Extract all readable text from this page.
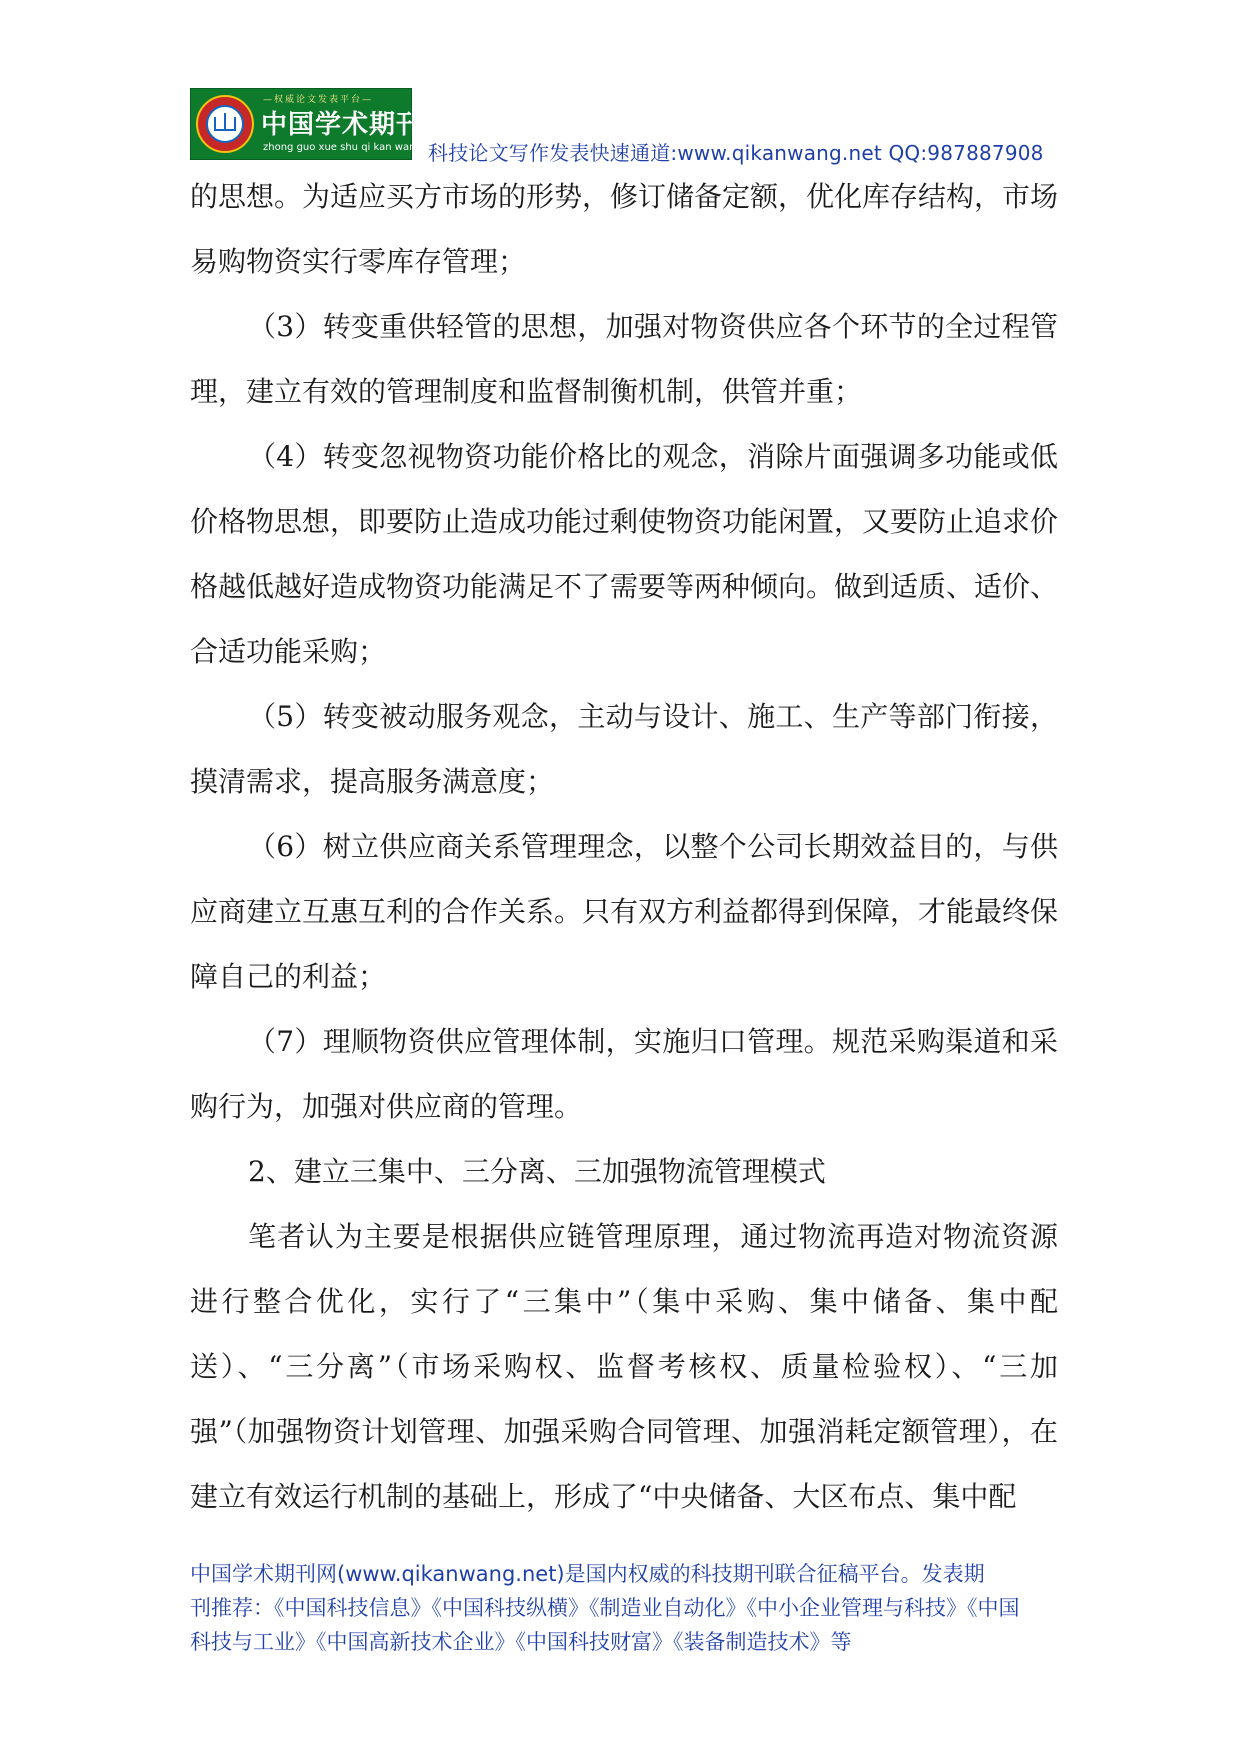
—权威论文发表平台—
中国学术期刊网
zhong guo xue shu qi kan wang 科技论文写作发表快速通道:www.qikanwang.net QQ:987887908

的思想。为适应买方市场的形势，修订储备定额，优化库存结构，市场易购物资实行零库存管理；

（3）转变重供轻管的思想，加强对物资供应各个环节的全过程管理，建立有效的管理制度和监督制衡机制，供管并重；

（4）转变忽视物资功能价格比的观念，消除片面强调多功能或低价格物思想，即要防止造成功能过剩使物资功能闲置，又要防止追求价格越低越好造成物资功能满足不了需要等两种倾向。做到适质、适价、合适功能采购；

（5）转变被动服务观念，主动与设计、施工、生产等部门衔接，摸清需求，提高服务满意度；

（6）树立供应商关系管理理念，以整个公司长期效益目的，与供应商建立互惠互利的合作关系。只有双方利益都得到保障，才能最终保障自己的利益；

（7）理顺物资供应管理体制，实施归口管理。规范采购渠道和采购行为，加强对供应商的管理。

2、建立三集中、三分离、三加强物流管理模式

笔者认为主要是根据供应链管理原理，通过物流再造对物流资源进行整合优化，实行了“三集中”（集中采购、集中储备、集中配送）、“三分离”（市场采购权、监督考核权、质量检验权）、“三加强”（加强物资计划管理、加强采购合同管理、加强消耗定额管理），在建立有效运行机制的基础上，形成了“中央储备、大区布点、集中配

中国学术期刊网(www.qikanwang.net)是国内权威的科技期刊联合征稿平台。发表期

刊推荐：《中国科技信息》《中国科技纵横》《制造业自动化》《中小企业管理与科技》《中国

科技与工业》《中国高新技术企业》《中国科技财富》《装备制造技术》等
